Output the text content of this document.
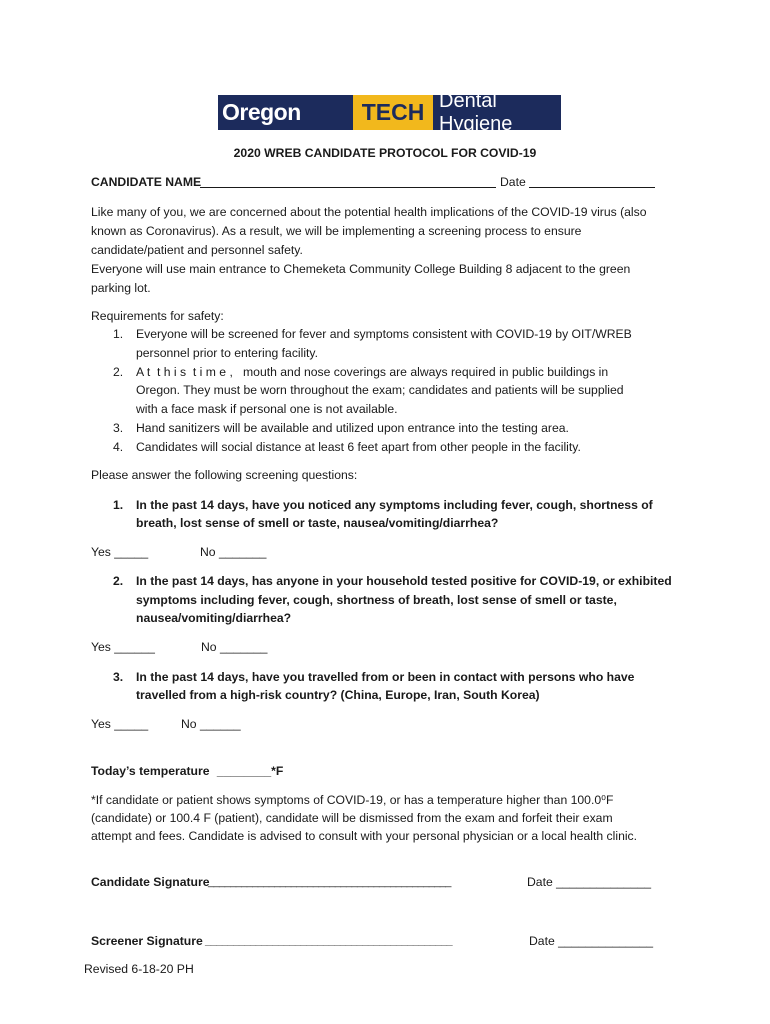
Oregon	TECH Dental Hygiene
2020 WREB CANDIDATE PROTOCOL FOR COVID-19
CANDIDATE NAME	Date
Like many of you, we are concerned about the potential health implications of the COVID-19 virus (also
known as Coronavirus). As a result, we will be implementing a screening process to ensure
candidate/patient and personnel safety.
Everyone will use main entrance to Chemeketa Community College Building 8 adjacent to the green
parking lot.
Requirements for safety:
1. Everyone will be screened for fever and symptoms consistent with COVID-19 by OIT/WREB
personnel prior to entering facility.
2. A t  t h i s  t i m e ,   mouth and nose coverings are always required in public buildings in
Oregon. They must be worn throughout the exam; candidates and patients will be supplied
with a face mask if personal one is not available.
3. Hand sanitizers will be available and utilized upon entrance into the testing area.
4. Candidates will social distance at least 6 feet apart from other people in the facility.
Please answer the following screening questions:
1. In the past 14 days, have you noticed any symptoms including fever, cough, shortness of
breath, lost sense of smell or taste, nausea/vomiting/diarrhea?
Yes _____	No _______
2. In the past 14 days, has anyone in your household tested positive for COVID-19, or exhibited
symptoms including fever, cough, shortness of breath, lost sense of smell or taste,
nausea/vomiting/diarrhea?
Yes ______	No _______
3. In the past 14 days, have you travelled from or been in contact with persons who have
travelled from a high-risk country? (China, Europe, Iran, South Korea)
Yes _____	No ______
Today’s temperature ________*F
*If candidate or patient shows symptoms of COVID-19, or has a temperature higher than 100.0⁰F
(candidate) or 100.4 F (patient), candidate will be dismissed from the exam and forfeit their exam
attempt and fees. Candidate is advised to consult with your personal physician or a local health clinic.
Candidate Signature
____________________________________________	Date ______________
Screener Signature ____________________________________________	Date ______________
Revised 6-18-20 PH
